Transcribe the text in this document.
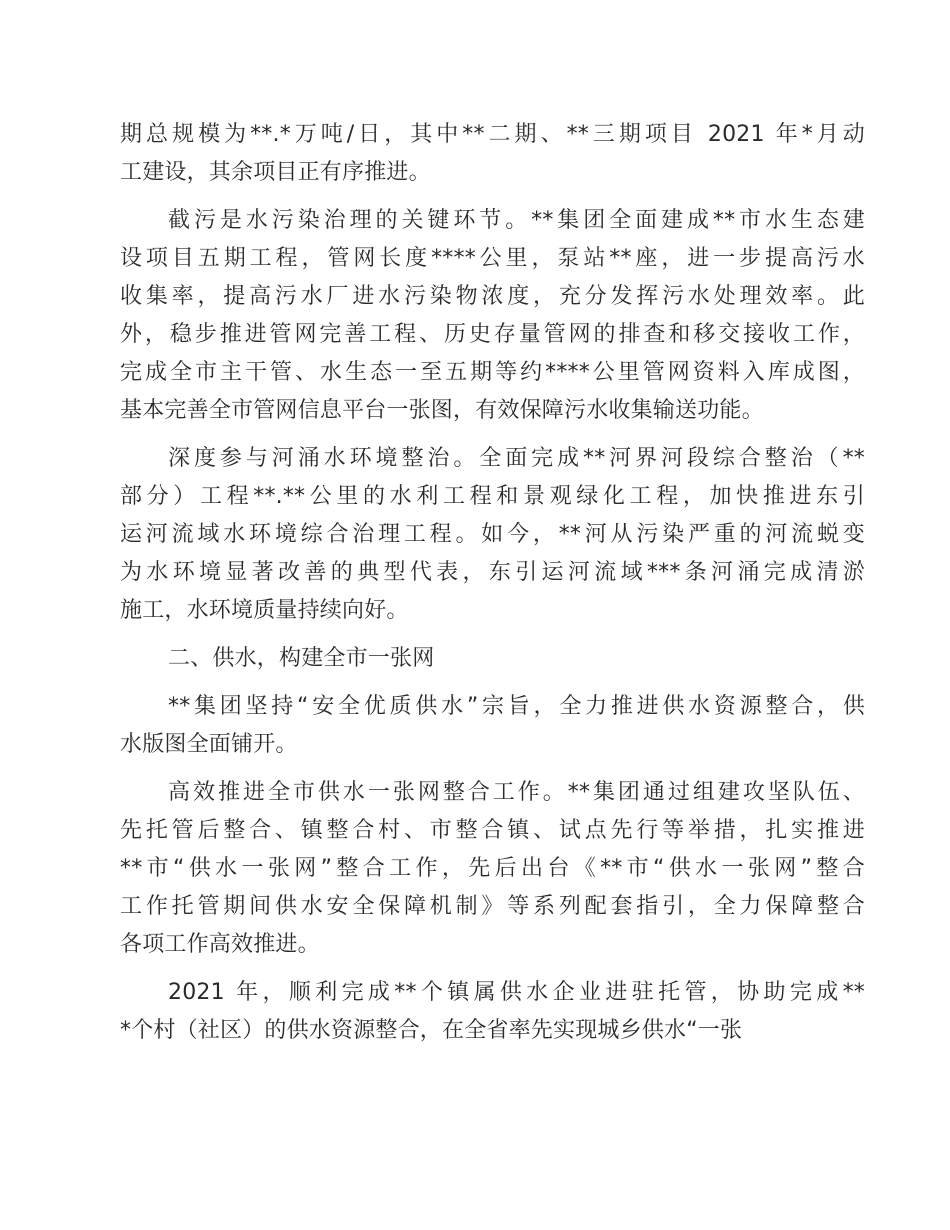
期总规模为**.*万吨/日，其中**二期、**三期项目 2021 年*月动
工建设，其余项目正有序推进。
截污是水污染治理的关键环节。**集团全面建成**市水生态建
设项目五期工程，管网长度****公里，泵站**座，进一步提高污水
收集率，提高污水厂进水污染物浓度，充分发挥污水处理效率。此
外，稳步推进管网完善工程、历史存量管网的排查和移交接收工作，
完成全市主干管、水生态一至五期等约****公里管网资料入库成图，
基本完善全市管网信息平台一张图，有效保障污水收集输送功能。
深度参与河涌水环境整治。全面完成**河界河段综合整治（**
部分）工程**.**公里的水利工程和景观绿化工程，加快推进东引
运河流域水环境综合治理工程。如今，**河从污染严重的河流蜕变
为水环境显著改善的典型代表，东引运河流域***条河涌完成清淤
施工，水环境质量持续向好。
二、供水，构建全市一张网
**集团坚持“安全优质供水”宗旨，全力推进供水资源整合，供
水版图全面铺开。
高效推进全市供水一张网整合工作。**集团通过组建攻坚队伍、
先托管后整合、镇整合村、市整合镇、试点先行等举措，扎实推进
**市“供水一张网”整合工作，先后出台《**市“供水一张网”整合
工作托管期间供水安全保障机制》等系列配套指引，全力保障整合
各项工作高效推进。
2021 年，顺利完成**个镇属供水企业进驻托管，协助完成**
*个村（社区）的供水资源整合，在全省率先实现城乡供水“一张
